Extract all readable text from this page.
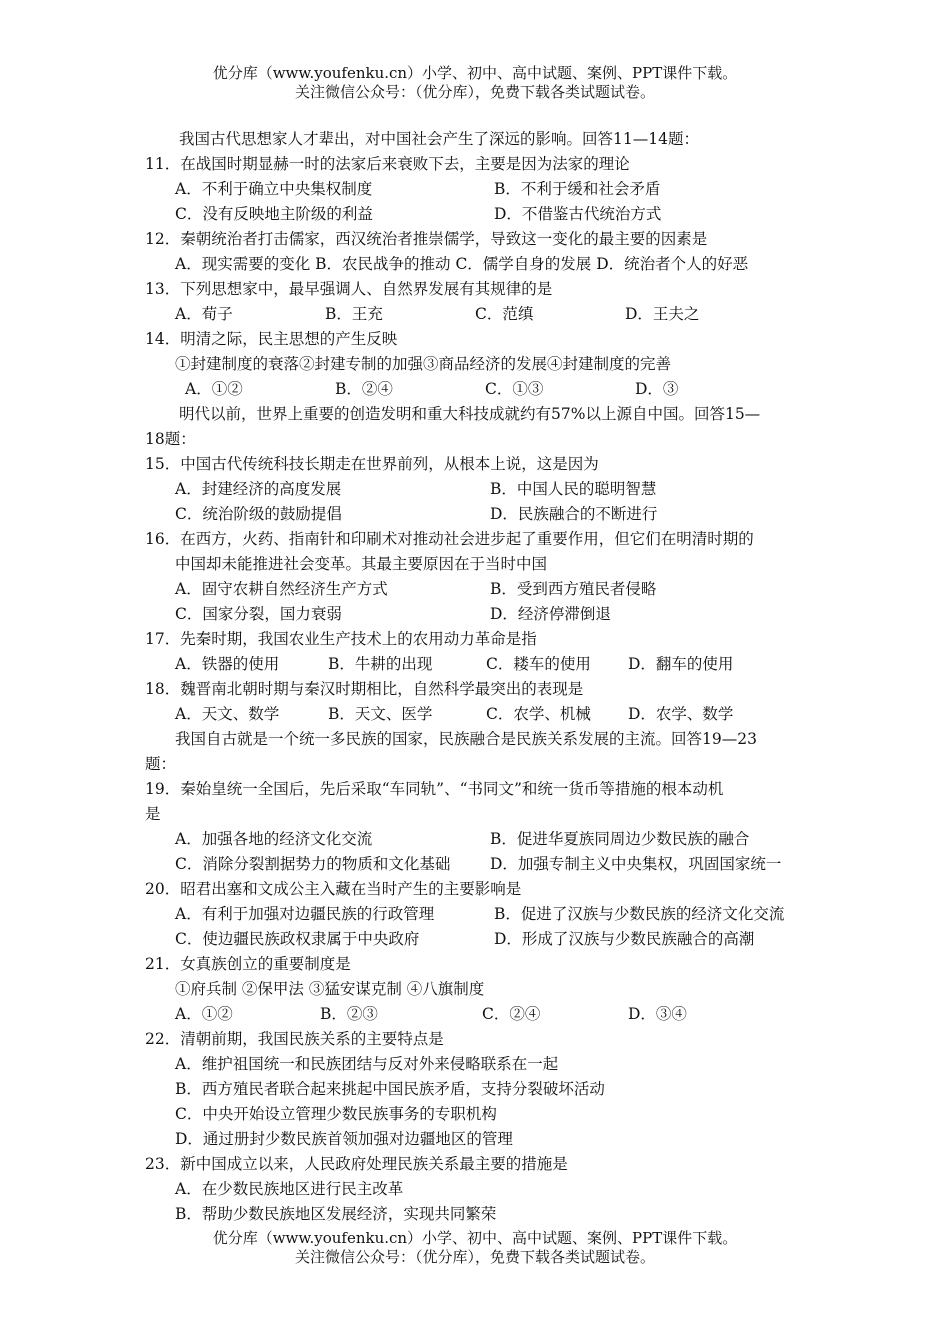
优分库（www.youfenku.cn）小学、初中、高中试题、案例、PPT课件下载。
关注微信公众号：（优分库），免费下载各类试题试卷。
我国古代思想家人才辈出，对中国社会产生了深远的影响。回答11—14题：
11．在战国时期显赫一时的法家后来衰败下去，主要是因为法家的理论
A．不利于确立中央集权制度	B．不利于缓和社会矛盾
C．没有反映地主阶级的利益	D．不借鉴古代统治方式
12．秦朝统治者打击儒家，西汉统治者推崇儒学，导致这一变化的最主要的因素是
A．现实需要的变化 B．农民战争的推动 C．儒学自身的发展 D．统治者个人的好恶
13．下列思想家中，最早强调人、自然界发展有其规律的是
A．荀子	B．王充	C．范缜	D．王夫之
14．明清之际，民主思想的产生反映
①封建制度的衰落②封建专制的加强③商品经济的发展④封建制度的完善
A．①②	B．②④	C．①③	D．③
明代以前，世界上重要的创造发明和重大科技成就约有57%以上源自中国。回答15—
18题：
15．中国古代传统科技长期走在世界前列，从根本上说，这是因为
A．封建经济的高度发展	B．中国人民的聪明智慧
C．统治阶级的鼓励提倡	D．民族融合的不断进行
16．在西方，火药、指南针和印刷术对推动社会进步起了重要作用，但它们在明清时期的
中国却未能推进社会变革。其最主要原因在于当时中国
A．固守农耕自然经济生产方式	B．受到西方殖民者侵略
C．国家分裂，国力衰弱	D．经济停滞倒退
17．先秦时期，我国农业生产技术上的农用动力革命是指
A．铁器的使用	B．牛耕的出现	C．耧车的使用	D．翻车的使用
18．魏晋南北朝时期与秦汉时期相比，自然科学最突出的表现是
A．天文、数学	B．天文、医学	C．农学、机械	D．农学、数学
我国自古就是一个统一多民族的国家，民族融合是民族关系发展的主流。回答19—23
题：
19．秦始皇统一全国后，先后采取“车同轨”、“书同文”和统一货币等措施的根本动机
是
A．加强各地的经济文化交流	B．促进华夏族同周边少数民族的融合
C．消除分裂割据势力的物质和文化基础	D．加强专制主义中央集权，巩固国家统一
20．昭君出塞和文成公主入藏在当时产生的主要影响是
A．有利于加强对边疆民族的行政管理	B．促进了汉族与少数民族的经济文化交流
C．使边疆民族政权隶属于中央政府	D．形成了汉族与少数民族融合的高潮
21．女真族创立的重要制度是
①府兵制 ②保甲法 ③猛安谋克制 ④八旗制度
A．①②	B．②③	C．②④	D．③④
22．清朝前期，我国民族关系的主要特点是
A．维护祖国统一和民族团结与反对外来侵略联系在一起
B．西方殖民者联合起来挑起中国民族矛盾，支持分裂破坏活动
C．中央开始设立管理少数民族事务的专职机构
D．通过册封少数民族首领加强对边疆地区的管理
23．新中国成立以来，人民政府处理民族关系最主要的措施是
A．在少数民族地区进行民主改革
B．帮助少数民族地区发展经济，实现共同繁荣
优分库（www.youfenku.cn）小学、初中、高中试题、案例、PPT课件下载。
关注微信公众号：（优分库），免费下载各类试题试卷。
